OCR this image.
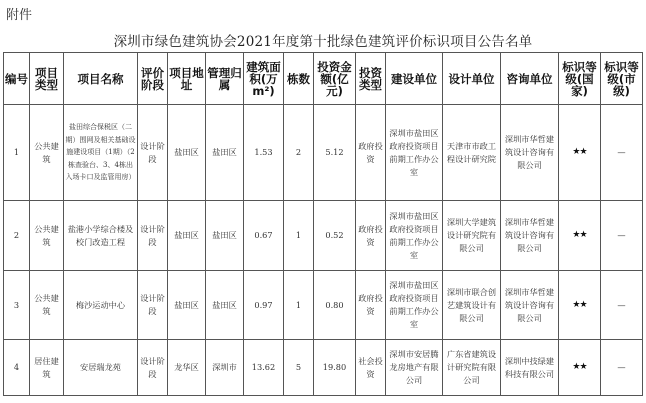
附件
深圳市绿色建筑协会2021年度第十批绿色建筑评价标识项目公告名单
编号	项目类型	项目名称	评价阶段	项目地址	管理归属	建筑面积(万m²)	栋数	投资金额(亿元)	投资类型	建设单位	设计单位	咨询单位	标识等级(国家)	标识等级(市级)
1	公共建筑	盐田综合保税区（二期）围网及相关基础设施建设项目（1期）（2栋查验台、3、4栋出入场卡口及监管用房）	设计阶段	盐田区	盐田区	1.53	2	5.12	政府投资	深圳市盐田区政府投资项目前期工作办公室	天津市市政工程设计研究院	深圳市华哲建筑设计咨询有限公司	★★	—
2	公共建筑	盐港小学综合楼及校门改造工程	设计阶段	盐田区	盐田区	0.67	1	0.52	政府投资	深圳市盐田区政府投资项目前期工作办公室	深圳大学建筑设计研究院有限公司	深圳市华哲建筑设计咨询有限公司	★★	—
3	公共建筑	梅沙运动中心	设计阶段	盐田区	盐田区	0.97	1	0.80	政府投资	深圳市盐田区政府投资项目前期工作办公室	深圳市联合创艺建筑设计有限公司	深圳市华哲建筑设计咨询有限公司	★★	—
4	居住建筑	安居瑞龙苑	设计阶段	龙华区	深圳市	13.62	5	19.80	社会投资	深圳市安居腾龙房地产有限公司	广东省建筑设计研究院有限公司	深圳中技绿建科技有限公司	★★	—
